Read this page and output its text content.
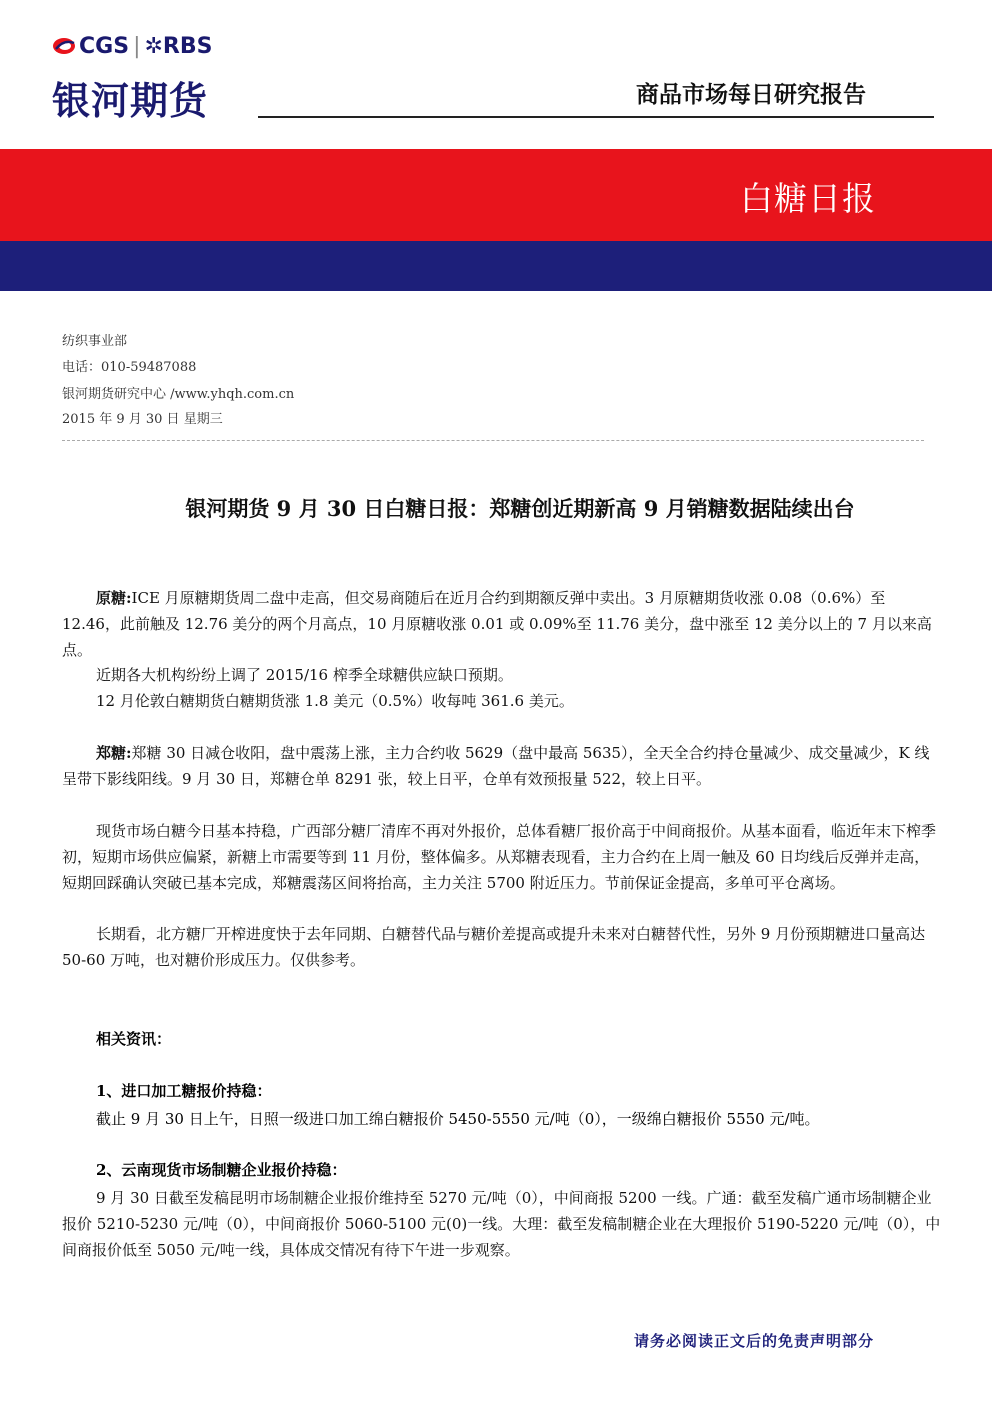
CGS | ✲RBS
银河期货	商品市场每日研究报告
白糖日报
纺织事业部
电话：010-59487088
银河期货研究中心 /www.yhqh.com.cn
2015 年 9 月 30 日 星期三
银河期货 9 月 30 日白糖日报：郑糖创近期新高 9 月销糖数据陆续出台
原糖:ICE 月原糖期货周二盘中走高，但交易商随后在近月合约到期额反弹中卖出。3 月原糖期货收涨 0.08（0.6%）至 12.46，此前触及 12.76 美分的两个月高点，10 月原糖收涨 0.01 或 0.09%至 11.76 美分，盘中涨至 12 美分以上的 7 月以来高点。
近期各大机构纷纷上调了 2015/16 榨季全球糖供应缺口预期。
12 月伦敦白糖期货白糖期货涨 1.8 美元（0.5%）收每吨 361.6 美元。
郑糖:郑糖 30 日减仓收阳，盘中震荡上涨，主力合约收 5629（盘中最高 5635），全天全合约持仓量减少、成交量减少，K 线呈带下影线阳线。9 月 30 日，郑糖仓单 8291 张，较上日平，仓单有效预报量 522，较上日平。
现货市场白糖今日基本持稳，广西部分糖厂清库不再对外报价，总体看糖厂报价高于中间商报价。从基本面看，临近年末下榨季初，短期市场供应偏紧，新糖上市需要等到 11 月份，整体偏多。从郑糖表现看，主力合约在上周一触及 60 日均线后反弹并走高，短期回踩确认突破已基本完成，郑糖震荡区间将抬高，主力关注 5700 附近压力。节前保证金提高，多单可平仓离场。
长期看，北方糖厂开榨进度快于去年同期、白糖替代品与糖价差提高或提升未来对白糖替代性，另外 9 月份预期糖进口量高达 50-60 万吨，也对糖价形成压力。仅供参考。
相关资讯：
1、进口加工糖报价持稳：
截止 9 月 30 日上午，日照一级进口加工绵白糖报价 5450-5550 元/吨（0），一级绵白糖报价 5550 元/吨。
2、云南现货市场制糖企业报价持稳：
9 月 30 日截至发稿昆明市场制糖企业报价维持至 5270 元/吨（0），中间商报 5200 一线。广通：截至发稿广通市场制糖企业报价 5210-5230 元/吨（0），中间商报价 5060-5100 元(0)一线。大理：截至发稿制糖企业在大理报价 5190-5220 元/吨（0），中间商报价低至 5050 元/吨一线，具体成交情况有待下午进一步观察。
请务必阅读正文后的免责声明部分
